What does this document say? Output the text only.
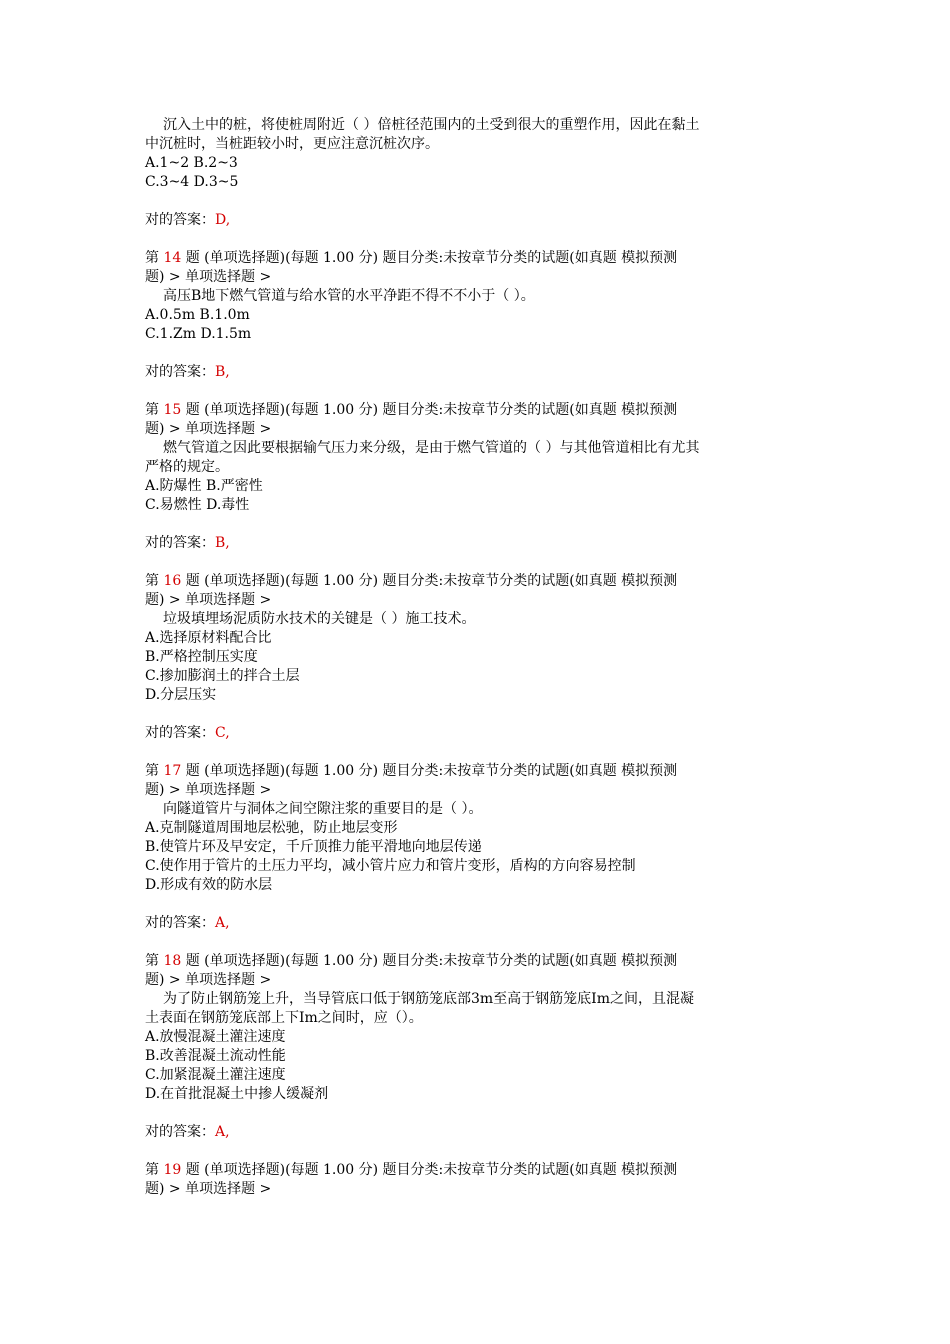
沉入土中的桩，将使桩周附近（ ）倍桩径范围内的土受到很大的重塑作用，因此在黏土
中沉桩时，当桩距较小时，更应注意沉桩次序。
A.1~2 B.2~3
C.3~4 D.3~5
对的答案：D,
第 14 题 (单项选择题)(每题 1.00 分) 题目分类:未按章节分类的试题(如真题 模拟预测
题) > 单项选择题 >
高压B地下燃气管道与给水管的水平净距不得不不小于（ ）。
A.0.5m B.1.0m
C.1.Zm D.1.5m
对的答案：B,
第 15 题 (单项选择题)(每题 1.00 分) 题目分类:未按章节分类的试题(如真题 模拟预测
题) > 单项选择题 >
燃气管道之因此要根据输气压力来分级，是由于燃气管道的（ ）与其他管道相比有尤其
严格的规定。
A.防爆性 B.严密性
C.易燃性 D.毒性
对的答案：B,
第 16 题 (单项选择题)(每题 1.00 分) 题目分类:未按章节分类的试题(如真题 模拟预测
题) > 单项选择题 >
垃圾填埋场泥质防水技术的关键是（ ）施工技术。
A.选择原材料配合比
B.严格控制压实度
C.掺加膨润土的拌合土层
D.分层压实
对的答案：C,
第 17 题 (单项选择题)(每题 1.00 分) 题目分类:未按章节分类的试题(如真题 模拟预测
题) > 单项选择题 >
向隧道管片与洞体之间空隙注浆的重要目的是（ ）。
A.克制隧道周围地层松驰，防止地层变形
B.使管片环及早安定，千斤顶推力能平滑地向地层传递
C.使作用于管片的土压力平均，减小管片应力和管片变形，盾构的方向容易控制
D.形成有效的防水层
对的答案：A,
第 18 题 (单项选择题)(每题 1.00 分) 题目分类:未按章节分类的试题(如真题 模拟预测
题) > 单项选择题 >
为了防止钢筋笼上升，当导管底口低于钢筋笼底部3m至高于钢筋笼底Im之间，且混凝
土表面在钢筋笼底部上下Im之间时，应（）。
A.放慢混凝土灌注速度
B.改善混凝土流动性能
C.加紧混凝土灌注速度
D.在首批混凝土中掺人缓凝剂
对的答案：A,
第 19 题 (单项选择题)(每题 1.00 分) 题目分类:未按章节分类的试题(如真题 模拟预测
题) > 单项选择题 >
